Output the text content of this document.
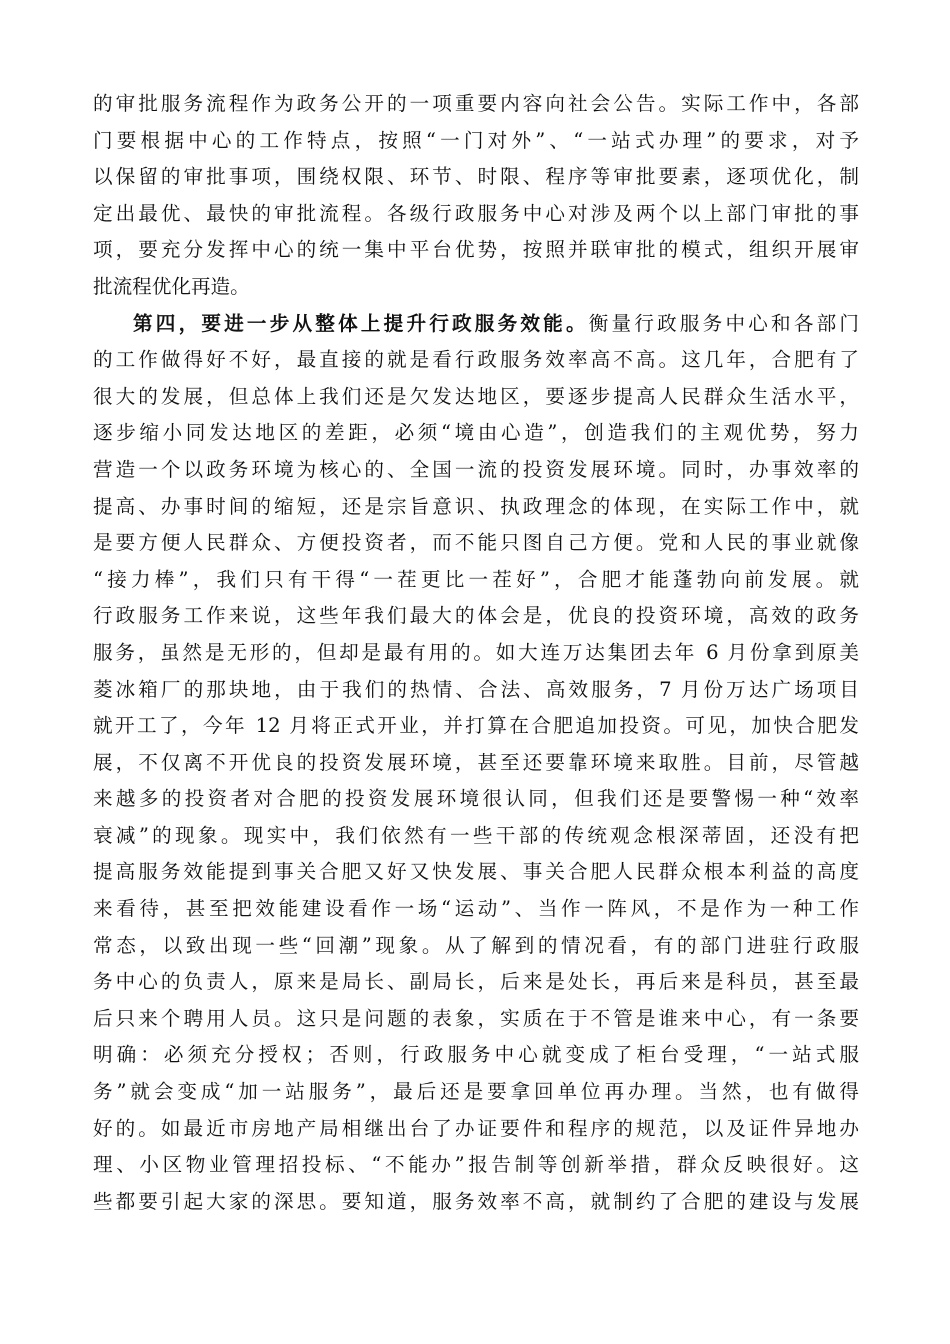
的审批服务流程作为政务公开的一项重要内容向社会公告。实际工作中，各部
门要根据中心的工作特点，按照“一门对外”、“一站式办理”的要求，对予
以保留的审批事项，围绕权限、环节、时限、程序等审批要素，逐项优化，制
定出最优、最快的审批流程。各级行政服务中心对涉及两个以上部门审批的事
项，要充分发挥中心的统一集中平台优势，按照并联审批的模式，组织开展审
批流程优化再造。
第四，要进一步从整体上提升行政服务效能。衡量行政服务中心和各部门
的工作做得好不好，最直接的就是看行政服务效率高不高。这几年，合肥有了
很大的发展，但总体上我们还是欠发达地区，要逐步提高人民群众生活水平，
逐步缩小同发达地区的差距，必须“境由心造”，创造我们的主观优势，努力
营造一个以政务环境为核心的、全国一流的投资发展环境。同时，办事效率的
提高、办事时间的缩短，还是宗旨意识、执政理念的体现，在实际工作中，就
是要方便人民群众、方便投资者，而不能只图自己方便。党和人民的事业就像
“接力棒”，我们只有干得“一茬更比一茬好”，合肥才能蓬勃向前发展。就
行政服务工作来说，这些年我们最大的体会是，优良的投资环境，高效的政务
服务，虽然是无形的，但却是最有用的。如大连万达集团去年 6 月份拿到原美
菱冰箱厂的那块地，由于我们的热情、合法、高效服务，7 月份万达广场项目
就开工了，今年 12 月将正式开业，并打算在合肥追加投资。可见，加快合肥发
展，不仅离不开优良的投资发展环境，甚至还要靠环境来取胜。目前，尽管越
来越多的投资者对合肥的投资发展环境很认同，但我们还是要警惕一种“效率
衰减”的现象。现实中，我们依然有一些干部的传统观念根深蒂固，还没有把
提高服务效能提到事关合肥又好又快发展、事关合肥人民群众根本利益的高度
来看待，甚至把效能建设看作一场“运动”、当作一阵风，不是作为一种工作
常态，以致出现一些“回潮”现象。从了解到的情况看，有的部门进驻行政服
务中心的负责人，原来是局长、副局长，后来是处长，再后来是科员，甚至最
后只来个聘用人员。这只是问题的表象，实质在于不管是谁来中心，有一条要
明确：必须充分授权；否则，行政服务中心就变成了柜台受理，“一站式服
务”就会变成“加一站服务”，最后还是要拿回单位再办理。当然，也有做得
好的。如最近市房地产局相继出台了办证要件和程序的规范，以及证件异地办
理、小区物业管理招投标、“不能办”报告制等创新举措，群众反映很好。这
些都要引起大家的深思。要知道，服务效率不高，就制约了合肥的建设与发展
